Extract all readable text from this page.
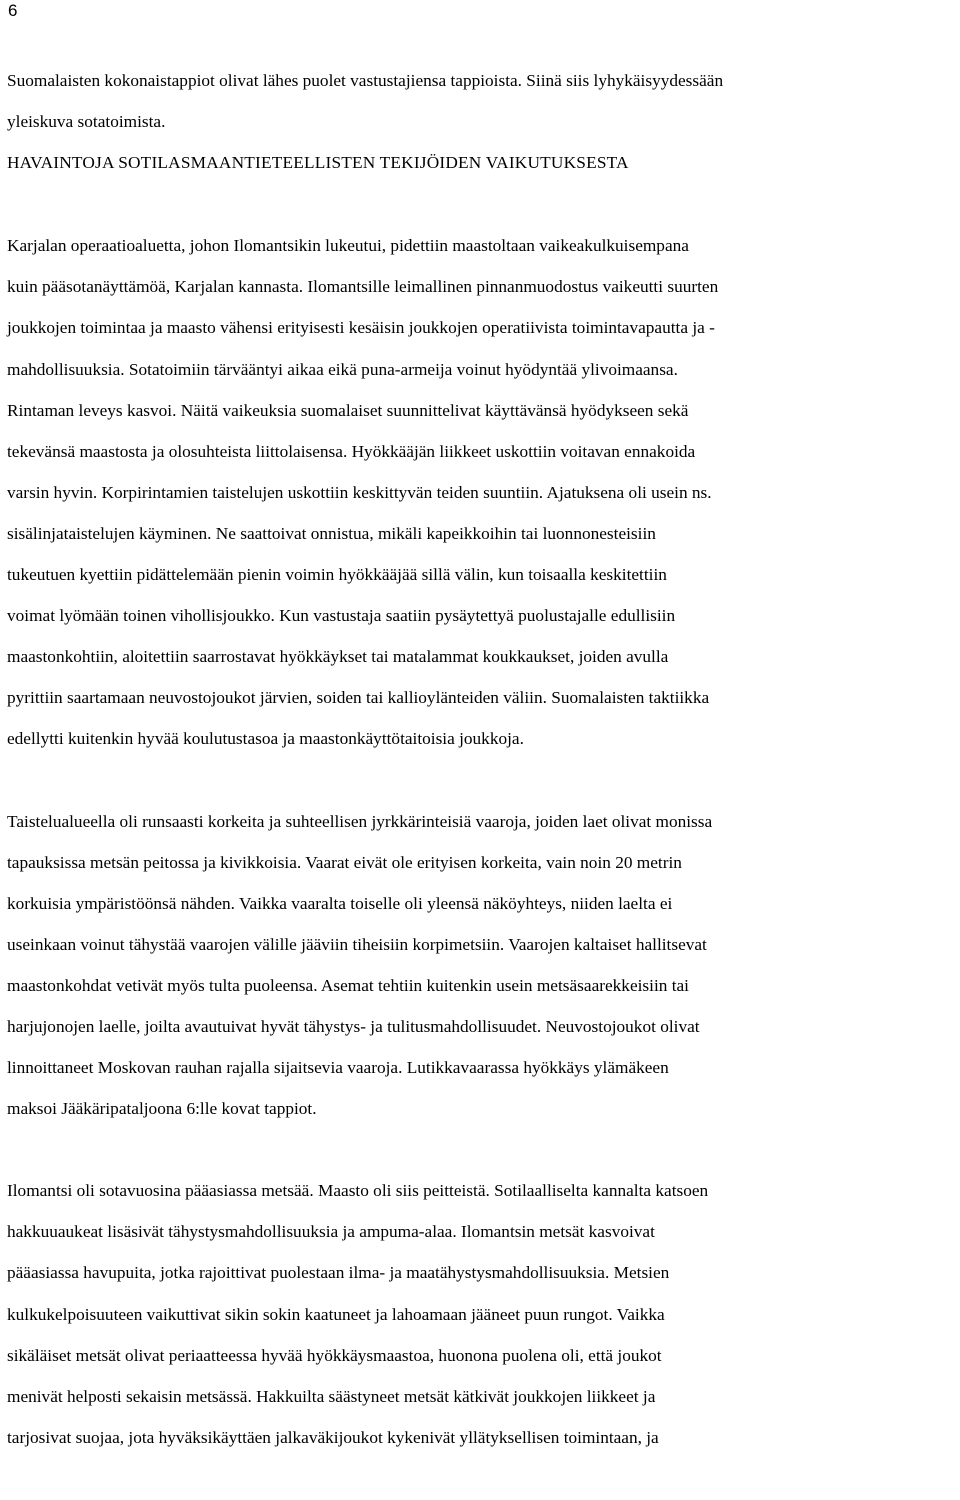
6

Suomalaisten kokonaistappiot olivat lähes puolet vastustajiensa tappioista. Siinä siis lyhykäisyydessään
yleiskuva sotatoimista.

HAVAINTOJA SOTILASMAANTIETEELLISTEN TEKIJÖIDEN VAIKUTUKSESTA

Karjalan operaatioaluetta, johon Ilomantsikin lukeutui, pidettiin maastoltaan vaikeakulkuisempana
kuin pääsotanäyttämöä, Karjalan kannasta. Ilomantsille leimallinen pinnanmuodostus vaikeutti suurten
joukkojen toimintaa ja maasto vähensi erityisesti kesäisin joukkojen operatiivista toimintavapautta ja -
mahdollisuuksia. Sotatoimiin tärvääntyi aikaa eikä puna-armeija voinut hyödyntää ylivoimaansa.
Rintaman leveys kasvoi. Näitä vaikeuksia suomalaiset suunnittelivat käyttävänsä hyödykseen sekä
tekevänsä maastosta ja olosuhteista liittolaisensa. Hyökkääjän liikkeet uskottiin voitavan ennakoida
varsin hyvin. Korpirintamien taistelujen uskottiin keskittyvän teiden suuntiin. Ajatuksena oli usein ns.
sisälinjataistelujen käyminen. Ne saattoivat onnistua, mikäli kapeikkoihin tai luonnonesteisiin
tukeutuen kyettiin pidättelemään pienin voimin hyökkääjää sillä välin, kun toisaalla keskitettiin
voimat lyömään toinen vihollisjoukko. Kun vastustaja saatiin pysäytettyä puolustajalle edullisiin
maastonkohtiin, aloitettiin saarrostavat hyökkäykset tai matalammat koukkaukset, joiden avulla
pyrittiin saartamaan neuvostojoukot järvien, soiden tai kallioylänteiden väliin. Suomalaisten taktiikka
edellytti kuitenkin hyvää koulutustasoa ja maastonkäyttötaitoisia joukkoja.

Taistelualueella oli runsaasti korkeita ja suhteellisen jyrkkärinteisiä vaaroja, joiden laet olivat monissa
tapauksissa metsän peitossa ja kivikkoisia. Vaarat eivät ole erityisen korkeita, vain noin 20 metrin
korkuisia ympäristöönsä nähden. Vaikka vaaralta toiselle oli yleensä näköyhteys, niiden laelta ei
useinkaan voinut tähystää vaarojen välille jääviin tiheisiin korpimetsiin. Vaarojen kaltaiset hallitsevat
maastonkohdat vetivät myös tulta puoleensa. Asemat tehtiin kuitenkin usein metsäsaarekkeisiin tai
harjujonojen laelle, joilta avautuivat hyvät tähystys- ja tulitusmahdollisuudet. Neuvostojoukot olivat
linnoittaneet Moskovan rauhan rajalla sijaitsevia vaaroja. Lutikkavaarassa hyökkäys ylämäkeen
maksoi Jääkäripataljoona 6:lle kovat tappiot.

Ilomantsi oli sotavuosina pääasiassa metsää. Maasto oli siis peitteistä. Sotilaalliselta kannalta katsoen
hakkuuaukeat lisäsivät tähystysmahdollisuuksia ja ampuma-alaa. Ilomantsin metsät kasvoivat
pääasiassa havupuita, jotka rajoittivat puolestaan ilma- ja maatähystysmahdollisuuksia. Metsien
kulkukelpoisuuteen vaikuttivat sikin sokin kaatuneet ja lahoamaan jääneet puun rungot. Vaikka
sikäläiset metsät olivat periaatteessa hyvää hyökkäysmaastoa, huonona puolena oli, että joukot
menivät helposti sekaisin metsässä. Hakkuilta säästyneet metsät kätkivät joukkojen liikkeet ja
tarjosivat suojaa, jota hyväksikäyttäen jalkaväkijoukot kykenivät yllätyksellisen toimintaan, ja
